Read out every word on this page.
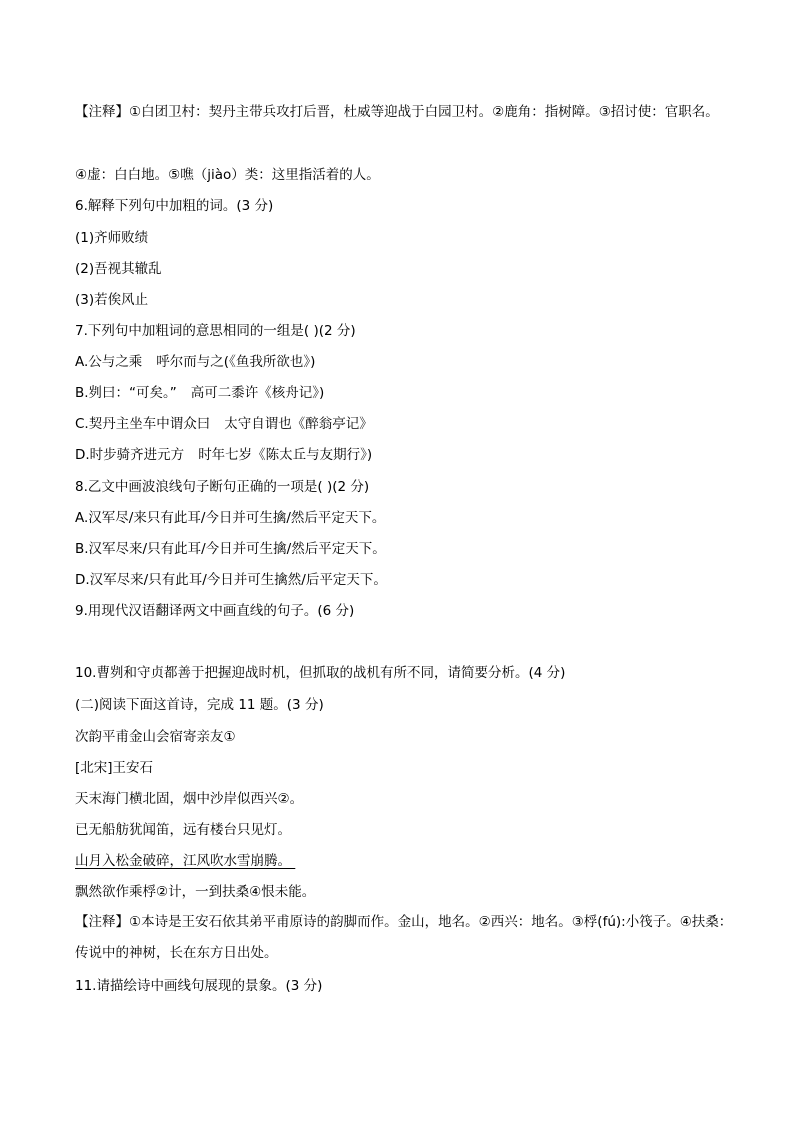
【注释】①白团卫村：契丹主带兵攻打后晋，杜威等迎战于白园卫村。②鹿角：指树障。③招讨使：官职名。

④虚：白白地。⑤噍（jiào）类：这里指活着的人。

6.解释下列句中加粗的词。(3 分)

(1)齐师败绩

(2)吾视其辙乱

(3)若俟风止

7.下列句中加粗词的意思相同的一组是( )(2 分)

A.公与之乘 呼尔而与之(《鱼我所欲也》)

B.刿曰：“可矣。” 高可二黍许《核舟记》)

C.契丹主坐车中谓众曰 太守自谓也《醉翁亭记》

D.时步骑齐进元方 时年七岁《陈太丘与友期行》)

8.乙文中画波浪线句子断句正确的一项是( )(2 分)

A.汉军尽/来只有此耳/今日并可生擒/然后平定天下。

B.汉军尽来/只有此耳/今日并可生擒/然后平定天下。

D.汉军尽来/只有此耳/今日并可生擒然/后平定天下。

9.用现代汉语翻译两文中画直线的句子。(6 分)

10.曹刿和守贞都善于把握迎战时机，但抓取的战机有所不同，请简要分析。(4 分)

(二)阅读下面这首诗，完成 11 题。(3 分)

次韵平甫金山会宿寄亲友①

[北宋]王安石

天末海门横北固，烟中沙岸似西兴②。

已无船舫犹闻笛，远有楼台只见灯。

山月入松金破碎，江风吹水雪崩腾。

飘然欲作乘桴②计，一到扶桑④恨未能。

【注释】①本诗是王安石依其弟平甫原诗的韵脚而作。金山，地名。②西兴：地名。③桴(fú):小筏子。④扶桑：传说中的神树，长在东方日出处。

11.请描绘诗中画线句展现的景象。(3 分)
